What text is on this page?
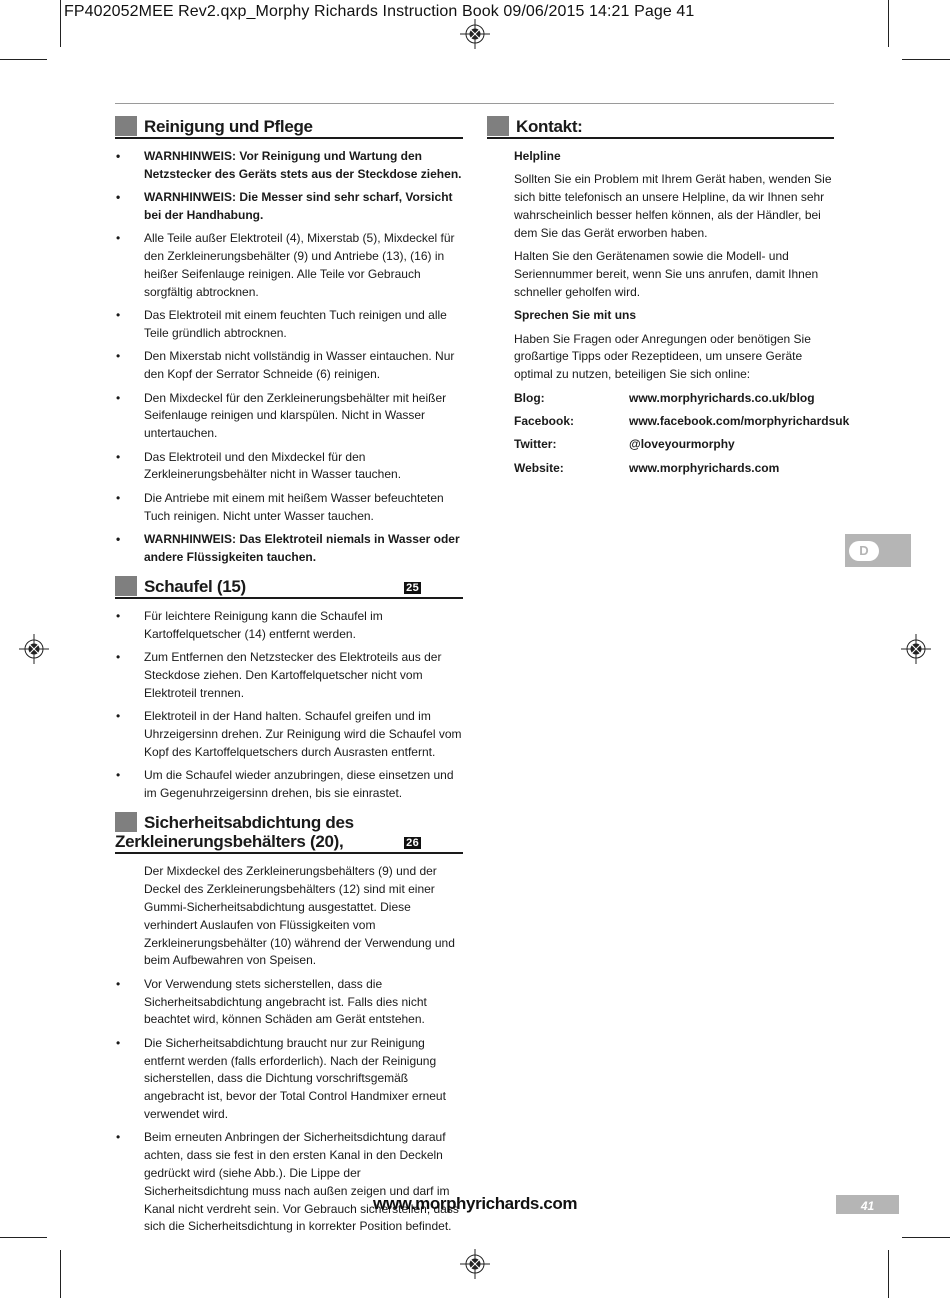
FP402052MEE Rev2.qxp_Morphy Richards Instruction Book 09/06/2015 14:21 Page 41
Reinigung und Pflege
• WARNHINWEIS: Vor Reinigung und Wartung den Netzstecker des Geräts stets aus der Steckdose ziehen.
• WARNHINWEIS: Die Messer sind sehr scharf, Vorsicht bei der Handhabung.
• Alle Teile außer Elektroteil (4), Mixerstab (5), Mixdeckel für den Zerkleinerungsbehälter (9) und Antriebe (13), (16) in heißer Seifenlauge reinigen. Alle Teile vor Gebrauch sorgfältig abtrocknen.
• Das Elektroteil mit einem feuchten Tuch reinigen und alle Teile gründlich abtrocknen.
• Den Mixerstab nicht vollständig in Wasser eintauchen. Nur den Kopf der Serrator Schneide (6) reinigen.
• Den Mixdeckel für den Zerkleinerungsbehälter mit heißer Seifenlauge reinigen und klarspülen. Nicht in Wasser untertauchen.
• Das Elektroteil und den Mixdeckel für den Zerkleinerungsbehälter nicht in Wasser tauchen.
• Die Antriebe mit einem mit heißem Wasser befeuchteten Tuch reinigen. Nicht unter Wasser tauchen.
• WARNHINWEIS: Das Elektroteil niemals in Wasser oder andere Flüssigkeiten tauchen.
Schaufel (15)	25
• Für leichtere Reinigung kann die Schaufel im Kartoffelquetscher (14) entfernt werden.
• Zum Entfernen den Netzstecker des Elektroteils aus der Steckdose ziehen. Den Kartoffelquetscher nicht vom Elektroteil trennen.
• Elektroteil in der Hand halten. Schaufel greifen und im Uhrzeigersinn drehen. Zur Reinigung wird die Schaufel vom Kopf des Kartoffelquetschers durch Ausrasten entfernt.
• Um die Schaufel wieder anzubringen, diese einsetzen und im Gegenuhrzeigersinn drehen, bis sie einrastet.
Sicherheitsabdichtung des
Zerkleinerungsbehälters (20),	26
Der Mixdeckel des Zerkleinerungsbehälters (9) und der Deckel des Zerkleinerungsbehälters (12) sind mit einer Gummi-Sicherheitsabdichtung ausgestattet. Diese verhindert Auslaufen von Flüssigkeiten vom Zerkleinerungsbehälter (10) während der Verwendung und beim Aufbewahren von Speisen.
• Vor Verwendung stets sicherstellen, dass die Sicherheitsabdichtung angebracht ist. Falls dies nicht beachtet wird, können Schäden am Gerät entstehen.
• Die Sicherheitsabdichtung braucht nur zur Reinigung entfernt werden (falls erforderlich). Nach der Reinigung sicherstellen, dass die Dichtung vorschriftsgemäß angebracht ist, bevor der Total Control Handmixer erneut verwendet wird.
• Beim erneuten Anbringen der Sicherheitsdichtung darauf achten, dass sie fest in den ersten Kanal in den Deckeln gedrückt wird (siehe Abb.). Die Lippe der Sicherheitsdichtung muss nach außen zeigen und darf im Kanal nicht verdreht sein. Vor Gebrauch sicherstellen, dass sich die Sicherheitsdichtung in korrekter Position befindet.
Kontakt:
Helpline
Sollten Sie ein Problem mit Ihrem Gerät haben, wenden Sie sich bitte telefonisch an unsere Helpline, da wir Ihnen sehr wahrscheinlich besser helfen können, als der Händler, bei dem Sie das Gerät erworben haben.
Halten Sie den Gerätenamen sowie die Modell- und Seriennummer bereit, wenn Sie uns anrufen, damit Ihnen schneller geholfen wird.
Sprechen Sie mit uns
Haben Sie Fragen oder Anregungen oder benötigen Sie großartige Tipps oder Rezeptideen, um unsere Geräte optimal zu nutzen, beteiligen Sie sich online:
Blog:	www.morphyrichards.co.uk/blog
Facebook:	www.facebook.com/morphyrichardsuk
Twitter:	@loveyourmorphy
Website:	www.morphyrichards.com
D
www.morphyrichards.com	41
